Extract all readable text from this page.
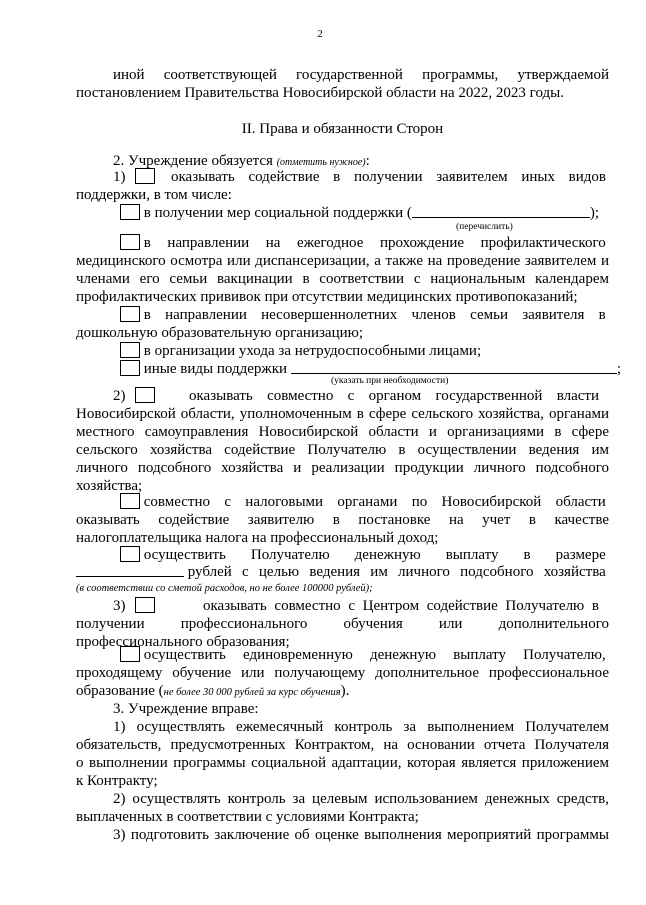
2
иной соответствующей государственной программы, утверждаемой
постановлением Правительства Новосибирской области на 2022, 2023 годы.
II. Права и обязанности Сторон
2. Учреждение обязуется (отметить нужное):
1)	оказывать содействие в получении заявителем иных видов
поддержки, в том числе:
в получении мер социальной поддержки (	);
(перечислить)
в направлении на ежегодное прохождение профилактического
медицинского осмотра или диспансеризации, а также на проведение заявителем и
членами его семьи вакцинации в соответствии с национальным календарем
профилактических прививок при отсутствии медицинских противопоказаний;
в направлении несовершеннолетних членов семьи заявителя в
дошкольную образовательную организацию;
в организации ухода за нетрудоспособными лицами;
иные виды поддержки	;
(указать при необходимости)
2)	оказывать совместно с органом государственной власти
Новосибирской области, уполномоченным в сфере сельского хозяйства, органами
местного самоуправления Новосибирской области и организациями в сфере
сельского хозяйства содействие Получателю в осуществлении ведения им
личного подсобного хозяйства и реализации продукции личного подсобного
хозяйства;
совместно с налоговыми органами по Новосибирской области
оказывать содействие заявителю в постановке на учет в качестве
налогоплательщика налога на профессиональный доход;
осуществить Получателю денежную выплату в размере
рублей с целью ведения им личного подсобного хозяйства
(в соответствии со сметой расходов, но не более 100000 рублей);
3)	оказывать совместно с Центром содействие Получателю в
получении профессионального обучения или дополнительного
профессионального образования;
осуществить единовременную денежную выплату Получателю,
проходящему обучение или получающему дополнительное профессиональное
образование (не более 30 000 рублей за курс обучения).
3. Учреждение вправе:
1) осуществлять ежемесячный контроль за выполнением Получателем
обязательств, предусмотренных Контрактом, на основании отчета Получателя
о выполнении программы социальной адаптации, которая является приложением
к Контракту;
2) осуществлять контроль за целевым использованием денежных средств,
выплаченных в соответствии с условиями Контракта;
3) подготовить заключение об оценке выполнения мероприятий программы
